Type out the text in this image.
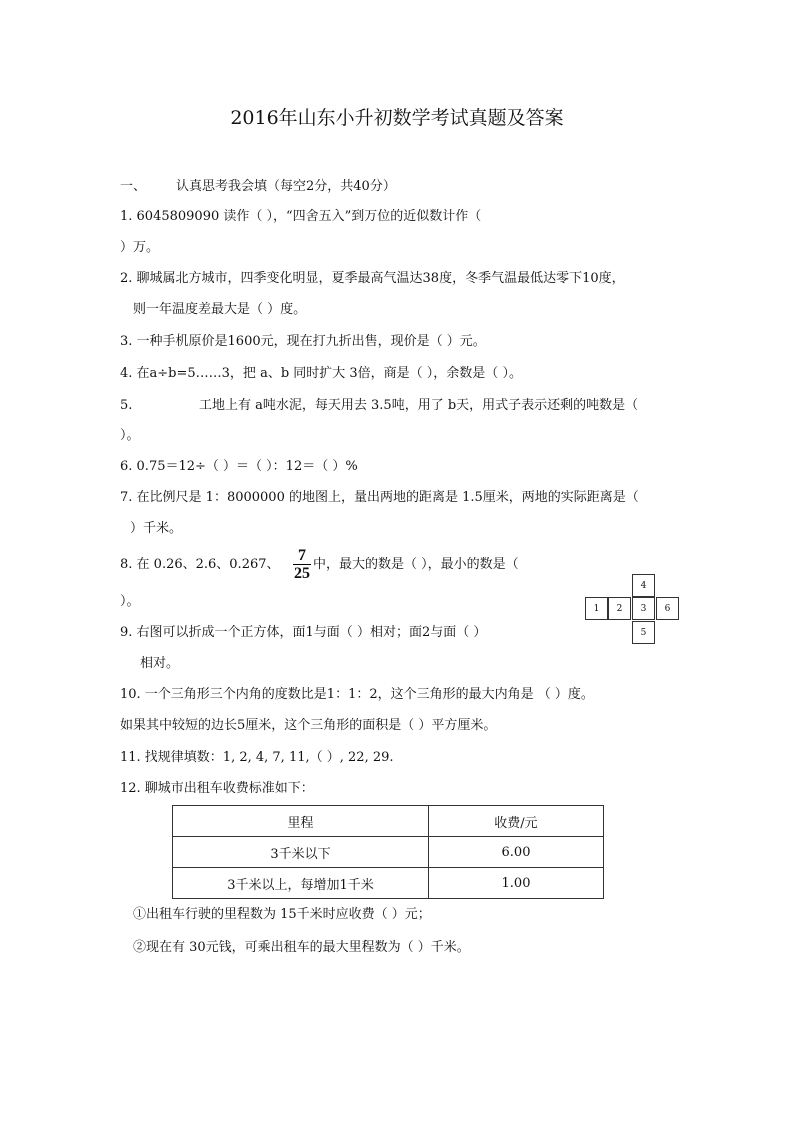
2016年山东小升初数学考试真题及答案
一、 认真思考我会填（每空2分，共40分）
1. 6045809090 读作（ ），“四舍五入”到万位的近似数计作（
）万。
2. 聊城属北方城市，四季变化明显，夏季最高气温达38度，冬季气温最低达零下10度，
则一年温度差最大是（ ）度。
3. 一种手机原价是1600元，现在打九折出售，现价是（ ）元。
4. 在a÷b=5……3，把 a、b 同时扩大 3倍，商是（ ），余数是（ ）。
5.	工地上有 a吨水泥，每天用去 3.5吨，用了 b天，用式子表示还剩的吨数是（
）。
6. 0.75＝12÷（ ）＝（ ）：12＝（ ）%
7. 在比例尺是 1：8000000 的地图上，量出两地的距离是 1.5厘米，两地的实际距离是（
）千米。
8. 在 0.26、2.6、0.267、
7
25
中，最大的数是（ ），最小的数是（
）。
4
1	2	3	6
5
9. 右图可以折成一个正方体，面1与面（ ）相对；面2与面（ ）
相对。
10. 一个三角形三个内角的度数比是1：1：2，这个三角形的最大内角是 （ ）度。
如果其中较短的边长5厘米，这个三角形的面积是（ ）平方厘米。
11. 找规律填数：1, 2, 4, 7, 11,（ ）, 22, 29.
12. 聊城市出租车收费标准如下：
里程	收费/元
3千米以下	6.00
3千米以上，每增加1千米	1.00
①出租车行驶的里程数为 15千米时应收费（ ）元；
②现在有 30元钱，可乘出租车的最大里程数为（ ）千米。
